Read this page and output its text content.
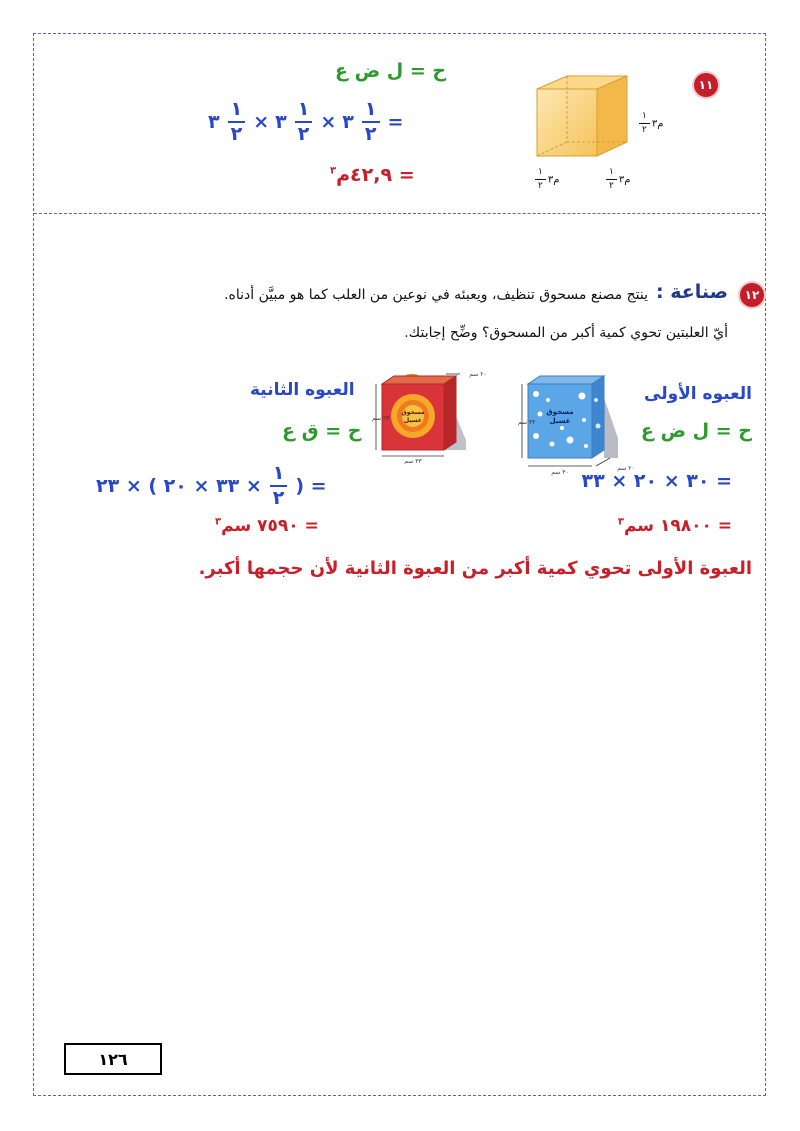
١١
م٣
$\frac{١}{٢}$
م٣
$\frac{١}{٢}$	م٣
$\frac{١}{٢}$
ح = ل ض ع
=
$\frac{١}{٢}$
٣
×
$\frac{١}{٢}$
٣
×
$\frac{١}{٢}$
٣
= ٤٢,٩م$^٣$
١٢
صناعة :
ينتج مصنع مسحوق تنظيف، ويعبئه في نوعين من العلب كما هو مبيَّن أدناه.
أيّ العلبتين تحوي كمية أكبر من المسحوق؟ وضِّح إجابتك.
العبوه الأولى
ح = ل ض ع
مسحوق
غسيل
٣٣ سم
٣٠ سم
٢٠ سم
= ٣٠ × ٢٠ × ٣٣
= ١٩٨٠٠ سم$^٣$
العبوه الثانية
ح = ق ع
مسحوق
غسيل
٢٣ سم
٣٣ سم
٢٠ سم
= (
$\frac{١}{٢}$
× ٣٣ × ٢٠ ) × ٢٣
= ٧٥٩٠ سم$^٣$
العبوة الأولى تحوي كمية أكبر من العبوة الثانية لأن حجمها أكبر.
١٢٦
